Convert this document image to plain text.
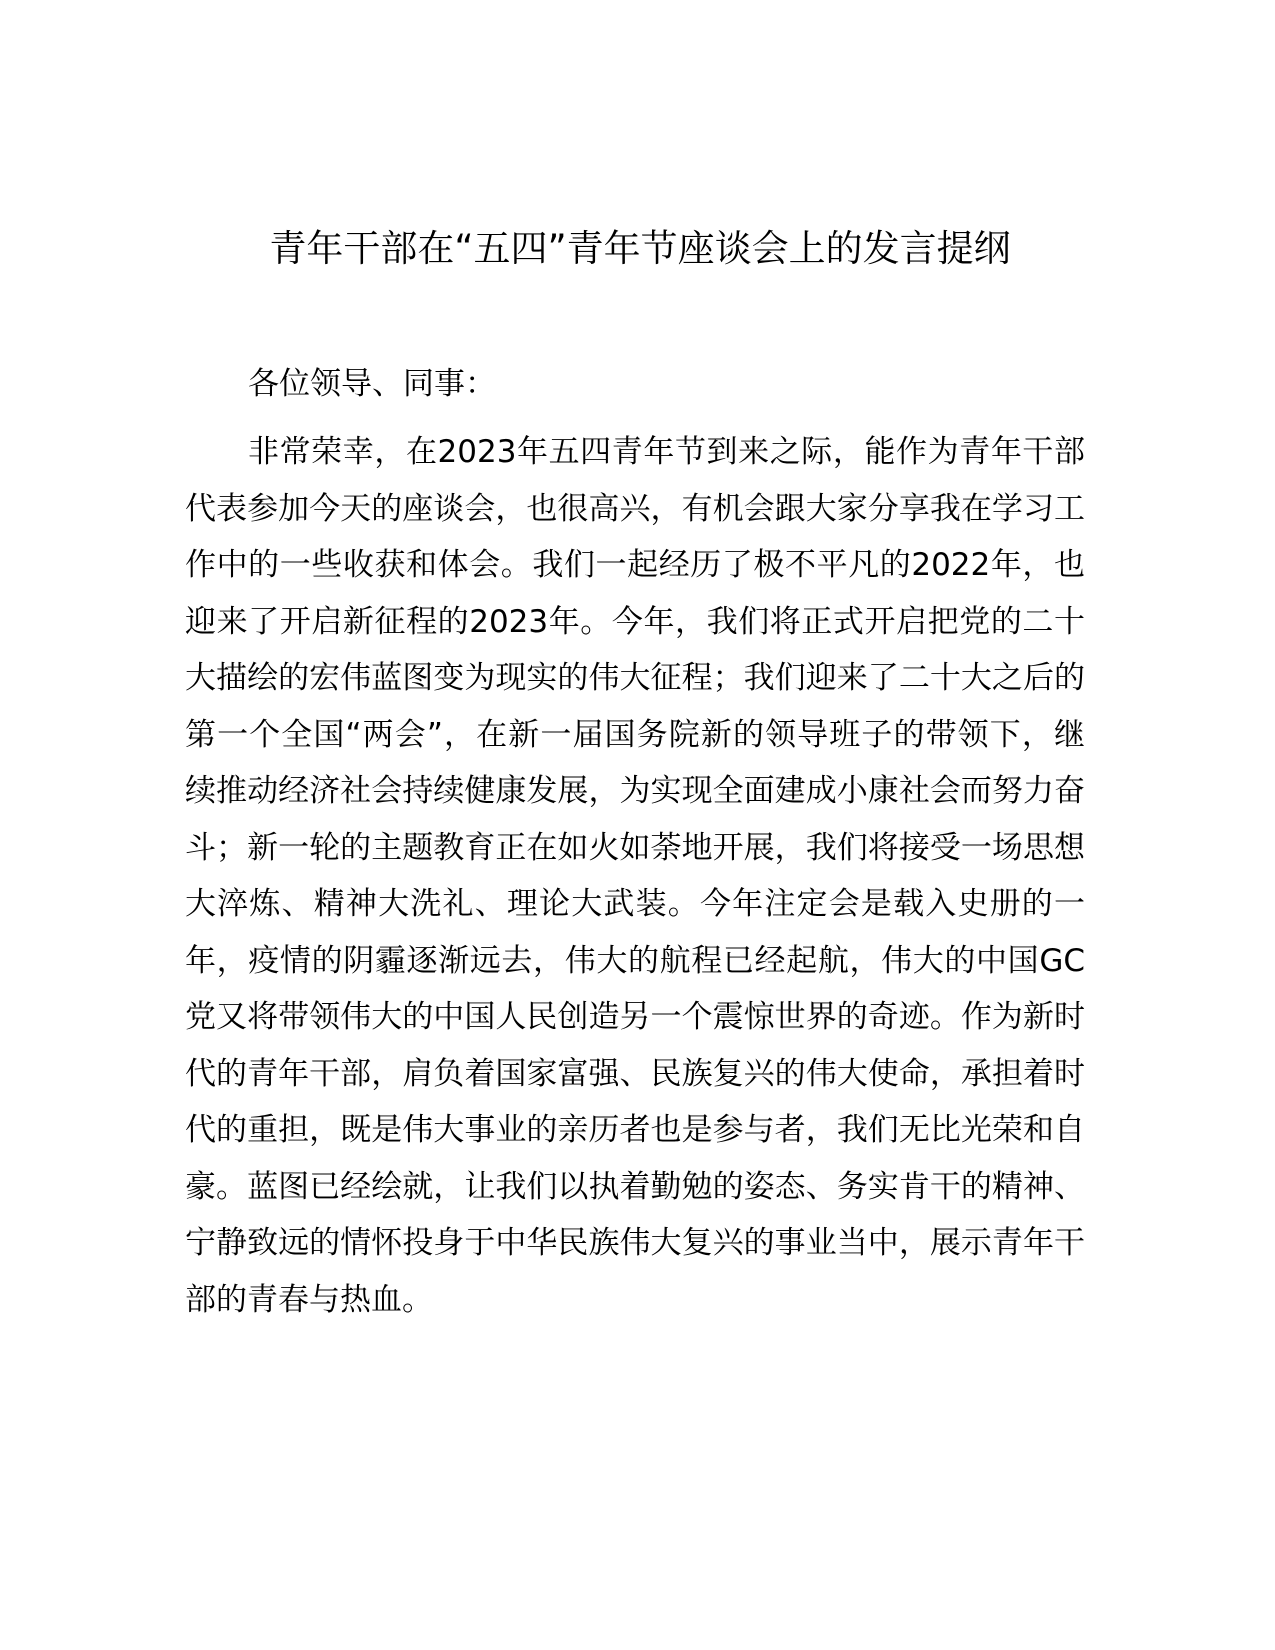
青年干部在“五四”青年节座谈会上的发言提纲

各位领导、同事：

非常荣幸，在2023年五四青年节到来之际，能作为青年干部代表参加今天的座谈会，也很高兴，有机会跟大家分享我在学习工作中的一些收获和体会。我们一起经历了极不平凡的2022年，也迎来了开启新征程的2023年。今年，我们将正式开启把党的二十大描绘的宏伟蓝图变为现实的伟大征程；我们迎来了二十大之后的第一个全国“两会”，在新一届国务院新的领导班子的带领下，继续推动经济社会持续健康发展，为实现全面建成小康社会而努力奋斗；新一轮的主题教育正在如火如荼地开展，我们将接受一场思想大淬炼、精神大洗礼、理论大武装。今年注定会是载入史册的一年，疫情的阴霾逐渐远去，伟大的航程已经起航，伟大的中国GC党又将带领伟大的中国人民创造另一个震惊世界的奇迹。作为新时代的青年干部，肩负着国家富强、民族复兴的伟大使命，承担着时代的重担，既是伟大事业的亲历者也是参与者，我们无比光荣和自豪。蓝图已经绘就，让我们以执着勤勉的姿态、务实肯干的精神、宁静致远的情怀投身于中华民族伟大复兴的事业当中，展示青年干部的青春与热血。
